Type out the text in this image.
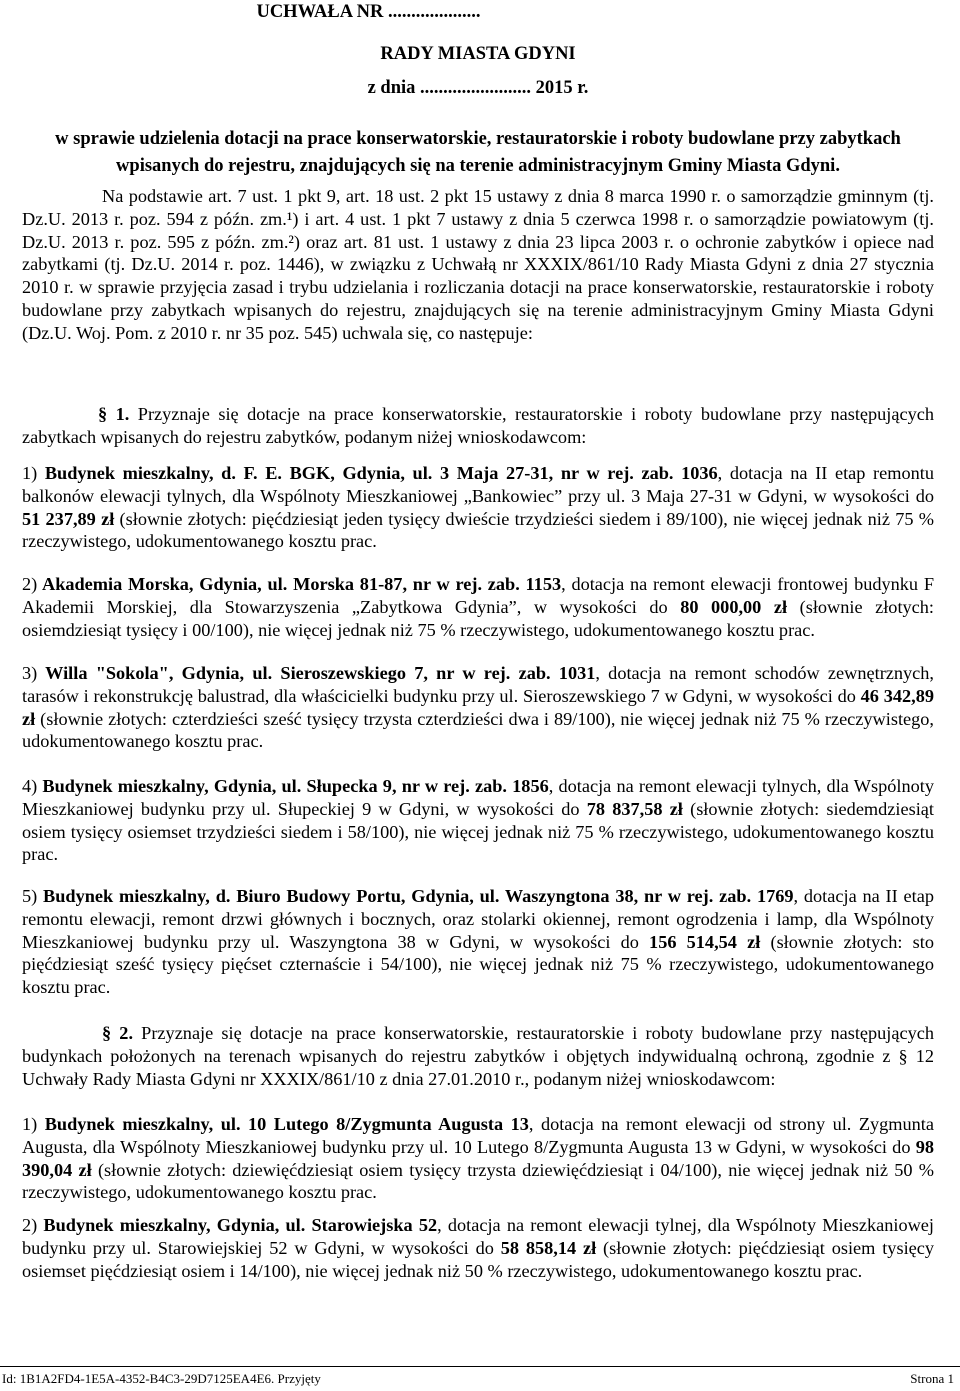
UCHWAŁA NR ....................
RADY MIASTA GDYNI
z dnia ........................ 2015 r.
w sprawie udzielenia dotacji na prace konserwatorskie, restauratorskie i roboty budowlane przy zabytkach wpisanych do rejestru, znajdujących się na terenie administracyjnym Gminy Miasta Gdyni.
Na podstawie art. 7 ust. 1 pkt 9, art. 18 ust. 2 pkt 15 ustawy z dnia 8 marca 1990 r. o samorządzie gminnym (tj. Dz.U. 2013 r. poz. 594 z późn. zm.¹) i art. 4 ust. 1 pkt 7 ustawy z dnia 5 czerwca 1998 r. o samorządzie powiatowym (tj. Dz.U. 2013 r. poz. 595 z późn. zm.²) oraz art. 81 ust. 1 ustawy z dnia 23 lipca 2003 r. o ochronie zabytków i opiece nad zabytkami (tj. Dz.U. 2014 r. poz. 1446), w związku z Uchwałą nr XXXIX/861/10 Rady Miasta Gdyni z dnia 27 stycznia 2010 r. w sprawie przyjęcia zasad i trybu udzielania i rozliczania dotacji na prace konserwatorskie, restauratorskie i roboty budowlane przy zabytkach wpisanych do rejestru, znajdujących się na terenie administracyjnym Gminy Miasta Gdyni (Dz.U. Woj. Pom. z 2010 r. nr 35 poz. 545) uchwala się, co następuje:
§ 1. Przyznaje się dotacje na prace konserwatorskie, restauratorskie i roboty budowlane przy następujących zabytkach wpisanych do rejestru zabytków, podanym niżej wnioskodawcom:
1) Budynek mieszkalny, d. F. E. BGK, Gdynia, ul. 3 Maja 27-31, nr w rej. zab. 1036, dotacja na II etap remontu balkonów elewacji tylnych, dla Wspólnoty Mieszkaniowej „Bankowiec” przy ul. 3 Maja 27-31 w Gdyni, w wysokości do 51 237,89 zł (słownie złotych: pięćdziesiąt jeden tysięcy dwieście trzydzieści siedem i 89/100), nie więcej jednak niż 75 % rzeczywistego, udokumentowanego kosztu prac.
2) Akademia Morska, Gdynia, ul. Morska 81-87, nr w rej. zab. 1153, dotacja na remont elewacji frontowej budynku F Akademii Morskiej, dla Stowarzyszenia „Zabytkowa Gdynia”, w wysokości do 80 000,00 zł (słownie złotych: osiemdziesiąt tysięcy i 00/100), nie więcej jednak niż 75 % rzeczywistego, udokumentowanego kosztu prac.
3) Willa "Sokola", Gdynia, ul. Sieroszewskiego 7, nr w rej. zab. 1031, dotacja na remont schodów zewnętrznych, tarasów i rekonstrukcję balustrad, dla właścicielki budynku przy ul. Sieroszewskiego 7 w Gdyni, w wysokości do 46 342,89 zł (słownie złotych: czterdzieści sześć tysięcy trzysta czterdzieści dwa i 89/100), nie więcej jednak niż 75 % rzeczywistego, udokumentowanego kosztu prac.
4) Budynek mieszkalny, Gdynia, ul. Słupecka 9, nr w rej. zab. 1856, dotacja na remont elewacji tylnych, dla Wspólnoty Mieszkaniowej budynku przy ul. Słupeckiej 9 w Gdyni, w wysokości do 78 837,58 zł (słownie złotych: siedemdziesiąt osiem tysięcy osiemset trzydzieści siedem i 58/100), nie więcej jednak niż 75 % rzeczywistego, udokumentowanego kosztu prac.
5) Budynek mieszkalny, d. Biuro Budowy Portu, Gdynia, ul. Waszyngtona 38, nr w rej. zab. 1769, dotacja na II etap remontu elewacji, remont drzwi głównych i bocznych, oraz stolarki okiennej, remont ogrodzenia i lamp, dla Wspólnoty Mieszkaniowej budynku przy ul. Waszyngtona 38 w Gdyni, w wysokości do 156 514,54 zł (słownie złotych: sto pięćdziesiąt sześć tysięcy pięćset czternaście i 54/100), nie więcej jednak niż 75 % rzeczywistego, udokumentowanego kosztu prac.
§ 2. Przyznaje się dotacje na prace konserwatorskie, restauratorskie i roboty budowlane przy następujących budynkach położonych na terenach wpisanych do rejestru zabytków i objętych indywidualną ochroną, zgodnie z § 12 Uchwały Rady Miasta Gdyni nr XXXIX/861/10 z dnia 27.01.2010 r., podanym niżej wnioskodawcom:
1) Budynek mieszkalny, ul. 10 Lutego 8/Zygmunta Augusta 13, dotacja na remont elewacji od strony ul. Zygmunta Augusta, dla Wspólnoty Mieszkaniowej budynku przy ul. 10 Lutego 8/Zygmunta Augusta 13 w Gdyni, w wysokości do 98 390,04 zł (słownie złotych: dziewięćdziesiąt osiem tysięcy trzysta dziewięćdziesiąt i 04/100), nie więcej jednak niż 50 % rzeczywistego, udokumentowanego kosztu prac.
2) Budynek mieszkalny, Gdynia, ul. Starowiejska 52, dotacja na remont elewacji tylnej, dla Wspólnoty Mieszkaniowej budynku przy ul. Starowiejskiej 52 w Gdyni, w wysokości do 58 858,14 zł (słownie złotych: pięćdziesiąt osiem tysięcy osiemset pięćdziesiąt osiem i 14/100), nie więcej jednak niż 50 % rzeczywistego, udokumentowanego kosztu prac.
Id: 1B1A2FD4-1E5A-4352-B4C3-29D7125EA4E6. Przyjęty	Strona 1
